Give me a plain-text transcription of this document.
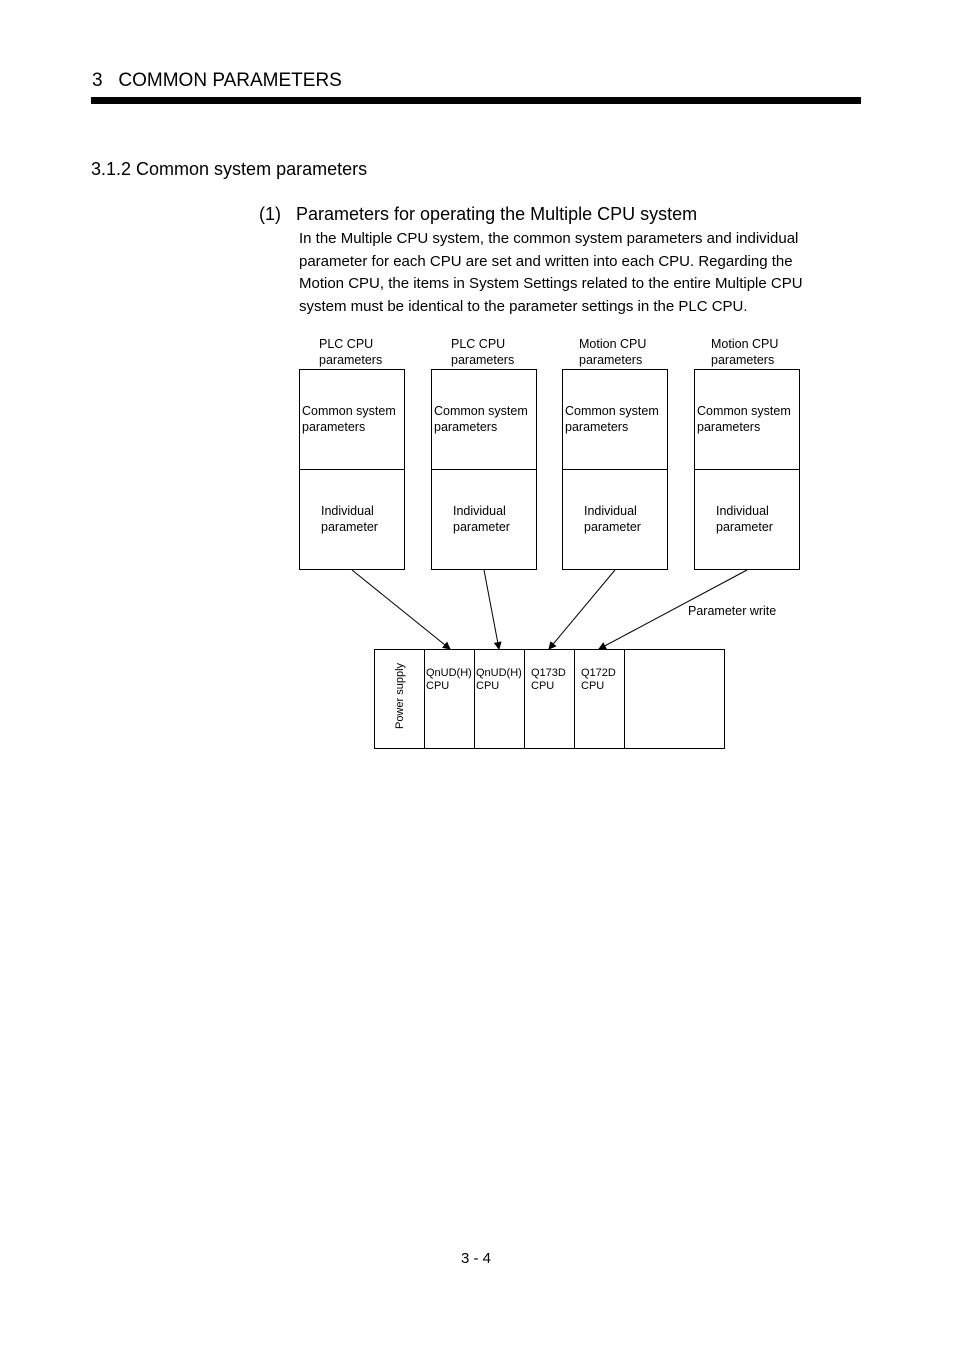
3   COMMON PARAMETERS
3.1.2 Common system parameters
(1)   Parameters for operating the Multiple CPU system
In the Multiple CPU system, the common system parameters and individual parameter for each CPU are set and written into each CPU. Regarding the Motion CPU, the items in System Settings related to the entire Multiple CPU system must be identical to the parameter settings in the PLC CPU.
PLC CPU
parameters
Common system
parameters
Individual
parameter
PLC CPU
parameters
Common system
parameters
Individual
parameter
Motion CPU
parameters
Common system
parameters
Individual
parameter
Motion CPU
parameters
Common system
parameters
Individual
parameter
Parameter write
Power supply QnUD(H)
CPU
QnUD(H)
CPU
Q173D
CPU
Q172D
CPU
3 - 4
